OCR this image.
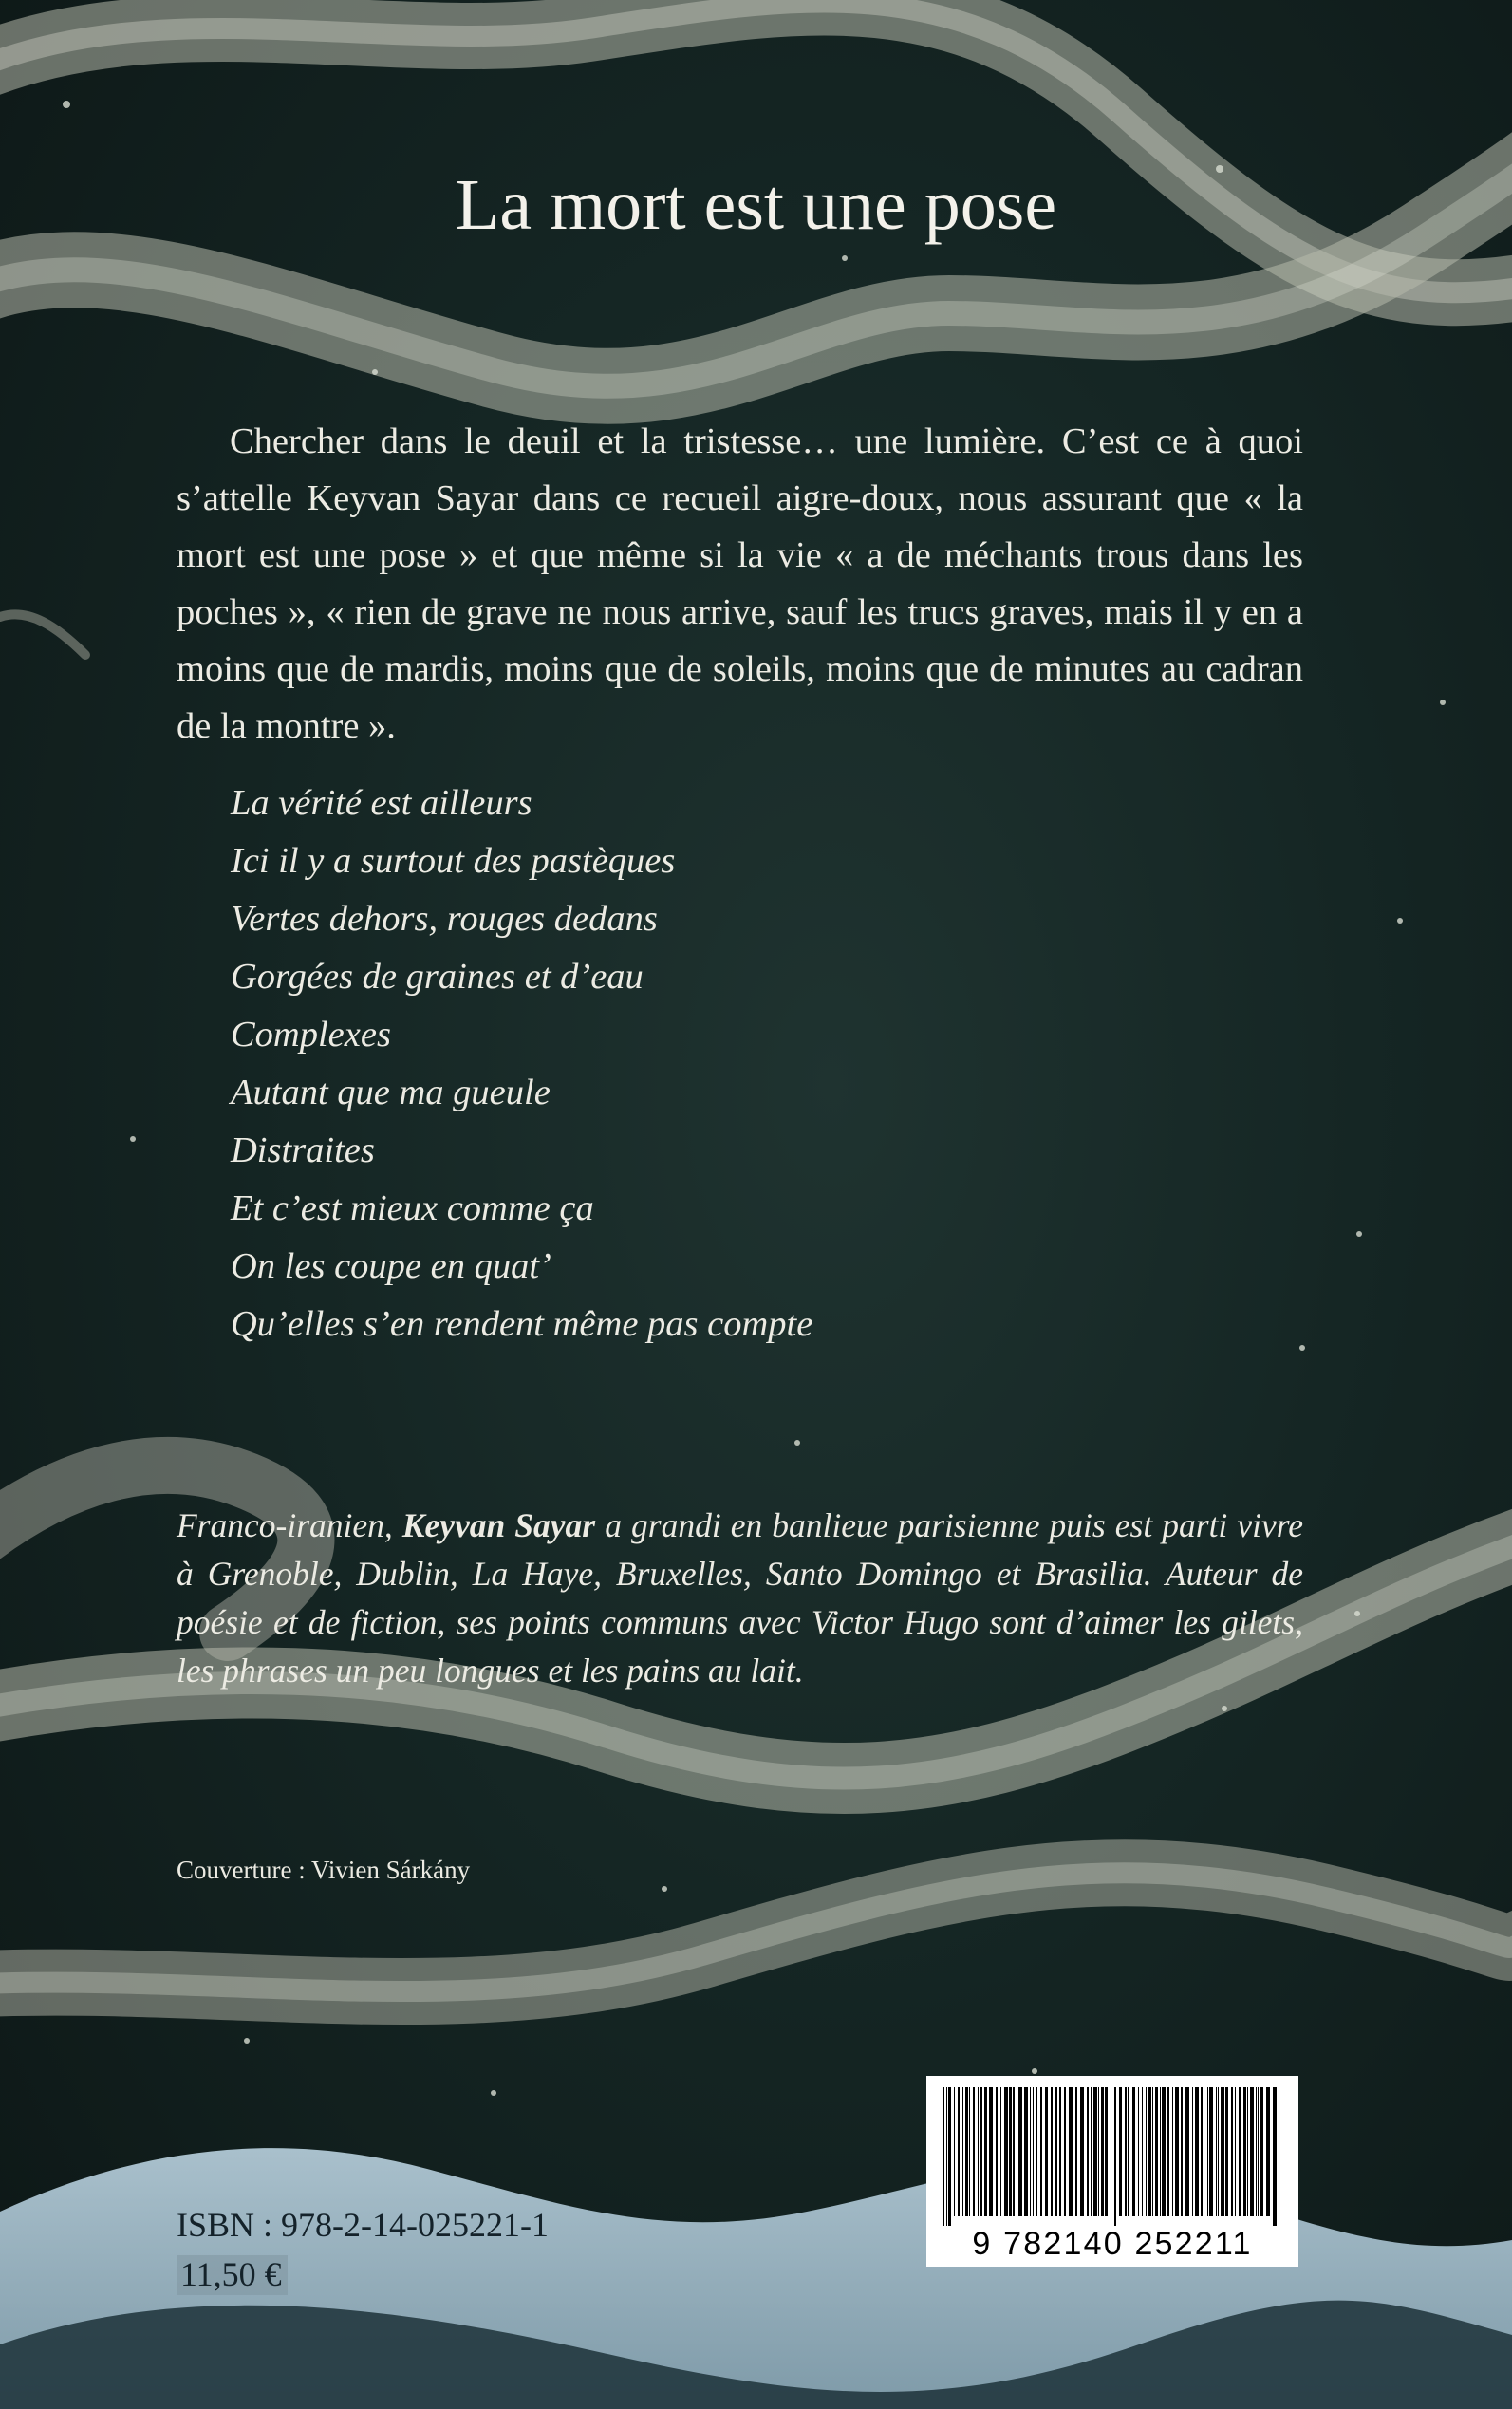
La mort est une pose

Chercher dans le deuil et la tristesse… une lumière. C’est ce à quoi s’attelle Keyvan Sayar dans ce recueil aigre-doux, nous assurant que « la mort est une pose » et que même si la vie « a de méchants trous dans les poches », « rien de grave ne nous arrive, sauf les trucs graves, mais il y en a moins que de mardis, moins que de soleils, moins que de minutes au cadran de la montre ».

La vérité est ailleurs
Ici il y a surtout des pastèques
Vertes dehors, rouges dedans
Gorgées de graines et d’eau
Complexes
Autant que ma gueule
Distraites
Et c’est mieux comme ça
On les coupe en quat’
Qu’elles s’en rendent même pas compte

Franco-iranien, Keyvan Sayar a grandi en banlieue parisienne puis est parti vivre à Grenoble, Dublin, La Haye, Bruxelles, Santo Domingo et Brasilia. Auteur de poésie et de fiction, ses points communs avec Victor Hugo sont d’aimer les gilets, les phrases un peu longues et les pains au lait.

Couverture : Vivien Sárkány
ISBN : 978-2-14-025221-1
11,50 €
9 782140 252211
